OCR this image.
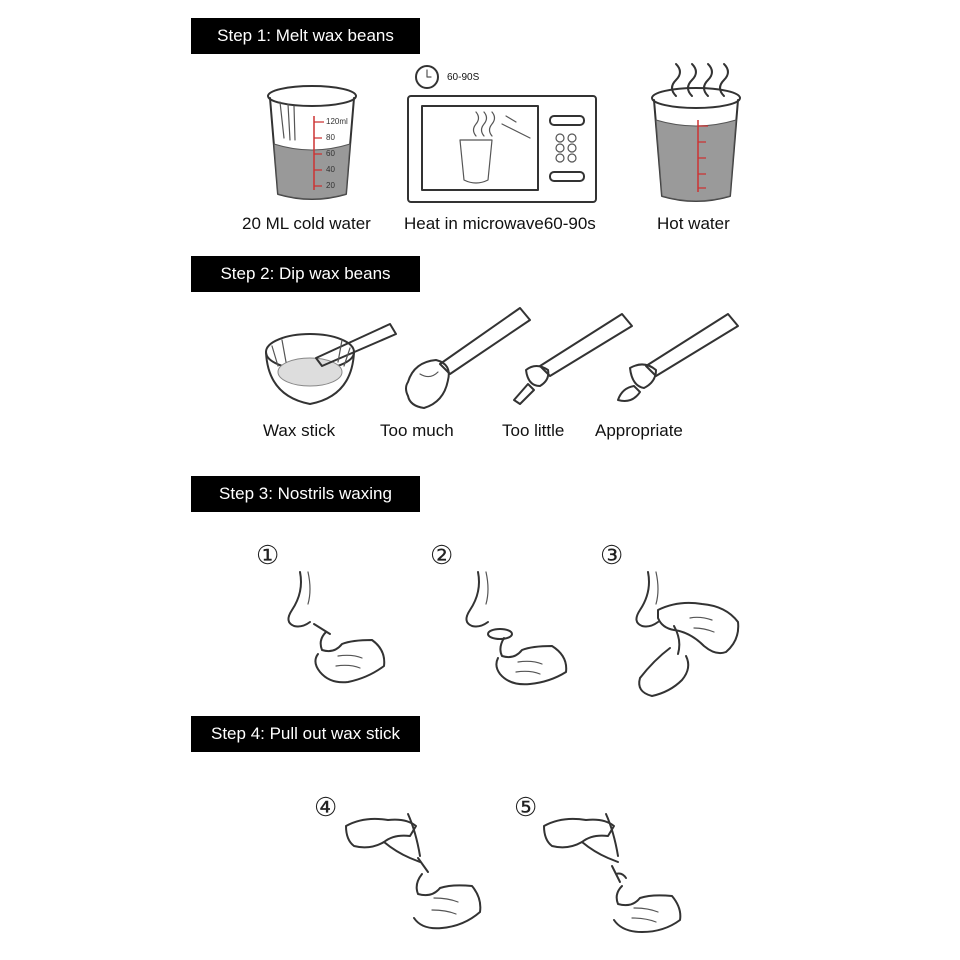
Step 1: Melt wax beans
120ml
80
60
40
20
60-90S
20 ML cold water Heat in microwave60-90s	Hot water
Step 2: Dip wax beans
Wax stick	Too much	Too little Appropriate
Step 3: Nostrils waxing
①	②	③
Step 4: Pull out wax stick
④	⑤
